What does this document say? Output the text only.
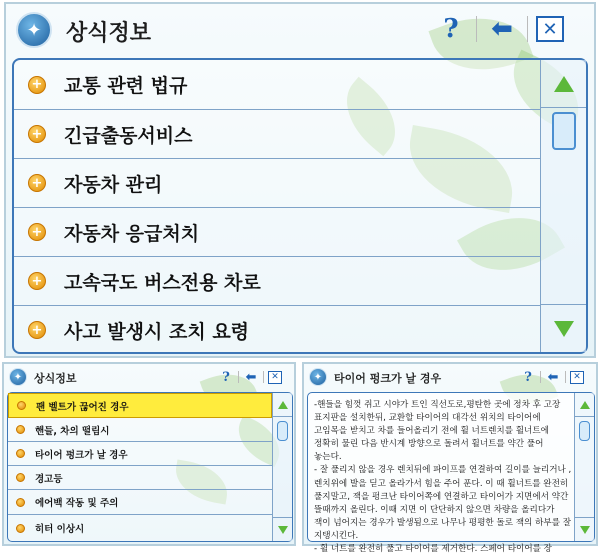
✦	상식정보	?	⬅	✕
+ 교통 관련 법규
+ 긴급출동서비스
+ 자동차 관리
+ 자동차 응급처치
+ 고속국도 버스전용 차로
+ 사고 발생시 조치 요령
✦	상식정보	?	⬅	✕
팬 벨트가 끊어진 경우
핸들, 차의 떨림시
타이어 펑크가 날 경우
경고등
에어백 작동 및 주의
히터 이상시
✦	타이어 펑크가 날 경우	?	⬅	✕

-핸들을 힘껏 쥐고 시야가 트인 직선도로,평탄한 곳에 정차 후 고장 표지판을 설치한뒤, 교환할 타이어의 대각선 위치의 타이어에 고임목을 받치고 차를 들어올리기 전에 휠 너트렌치를 휠너트에 정확히 물린 다음 반시계 방향으로 돌려서 휠너트를 약간 풀어 놓는다.

- 잘 풀리지 않을 경우 렌치뒤에 파이프를 연결하여 길이를 늘리거나 ,렌치위에 발을 딛고 올라가서 힘을 주어 푼다. 이 때 휠너트를 완전히 풀지말고, 잭을 펑크난 타이어쪽에 연결하고 타이어가 지면에서 약간 뜰때까지 올린다. 이때 지면 이 단단하지 않으면 차량을 올리다가 잭이 넘어지는 경우가 발생됨으로 나무나 평평한 돌로 잭의 하부를 잘 지탱시킨다.

- 휠 너트를 완전히 풀고 타이어를 제거한다. 스페어 타이어를 장
